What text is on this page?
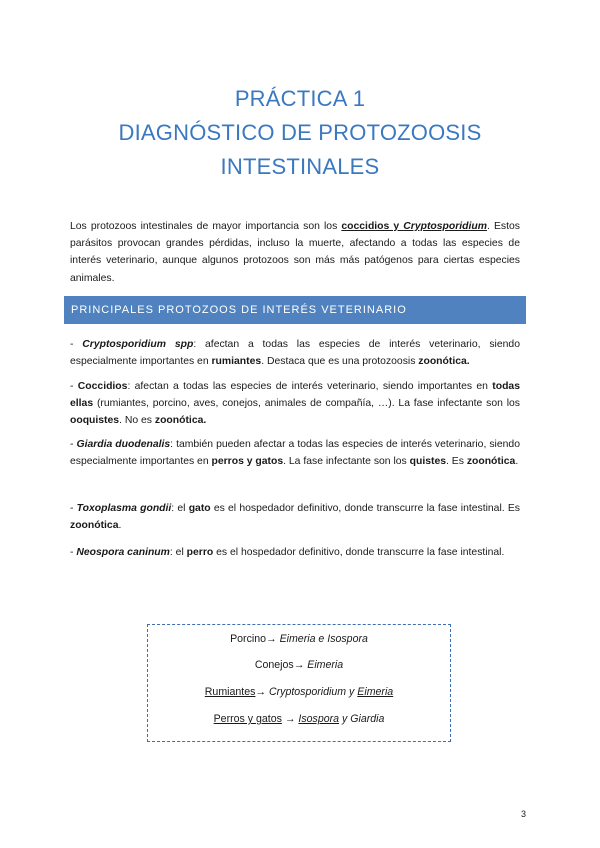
PRÁCTICA 1
DIAGNÓSTICO DE PROTOZOOSIS
INTESTINALES

Los protozoos intestinales de mayor importancia son los coccidios y Cryptosporidium. Estos parásitos provocan grandes pérdidas, incluso la muerte, afectando a todas las especies de interés veterinario, aunque algunos protozoos son más más patógenos para ciertas especies animales.

PRINCIPALES PROTOZOOS DE INTERÉS VETERINARIO

- Cryptosporidium spp: afectan a todas las especies de interés veterinario, siendo especialmente importantes en rumiantes. Destaca que es una protozoosis zoonótica.

- Coccidios: afectan a todas las especies de interés veterinario, siendo importantes en todas ellas (rumiantes, porcino, aves, conejos, animales de compañía, …). La fase infectante son los ooquistes. No es zoonótica.

- Giardia duodenalis: también pueden afectar a todas las especies de interés veterinario, siendo especialmente importantes en perros y gatos. La fase infectante son los quistes. Es zoonótica.

- Toxoplasma gondii: el gato es el hospedador definitivo, donde transcurre la fase intestinal. Es zoonótica.

- Neospora caninum: el perro es el hospedador definitivo, donde transcurre la fase intestinal.

Porcino→ Eimeria e Isospora
Conejos→ Eimeria
Rumiantes→ Cryptosporidium y Eimeria
Perros y gatos → Isospora y Giardia
3
